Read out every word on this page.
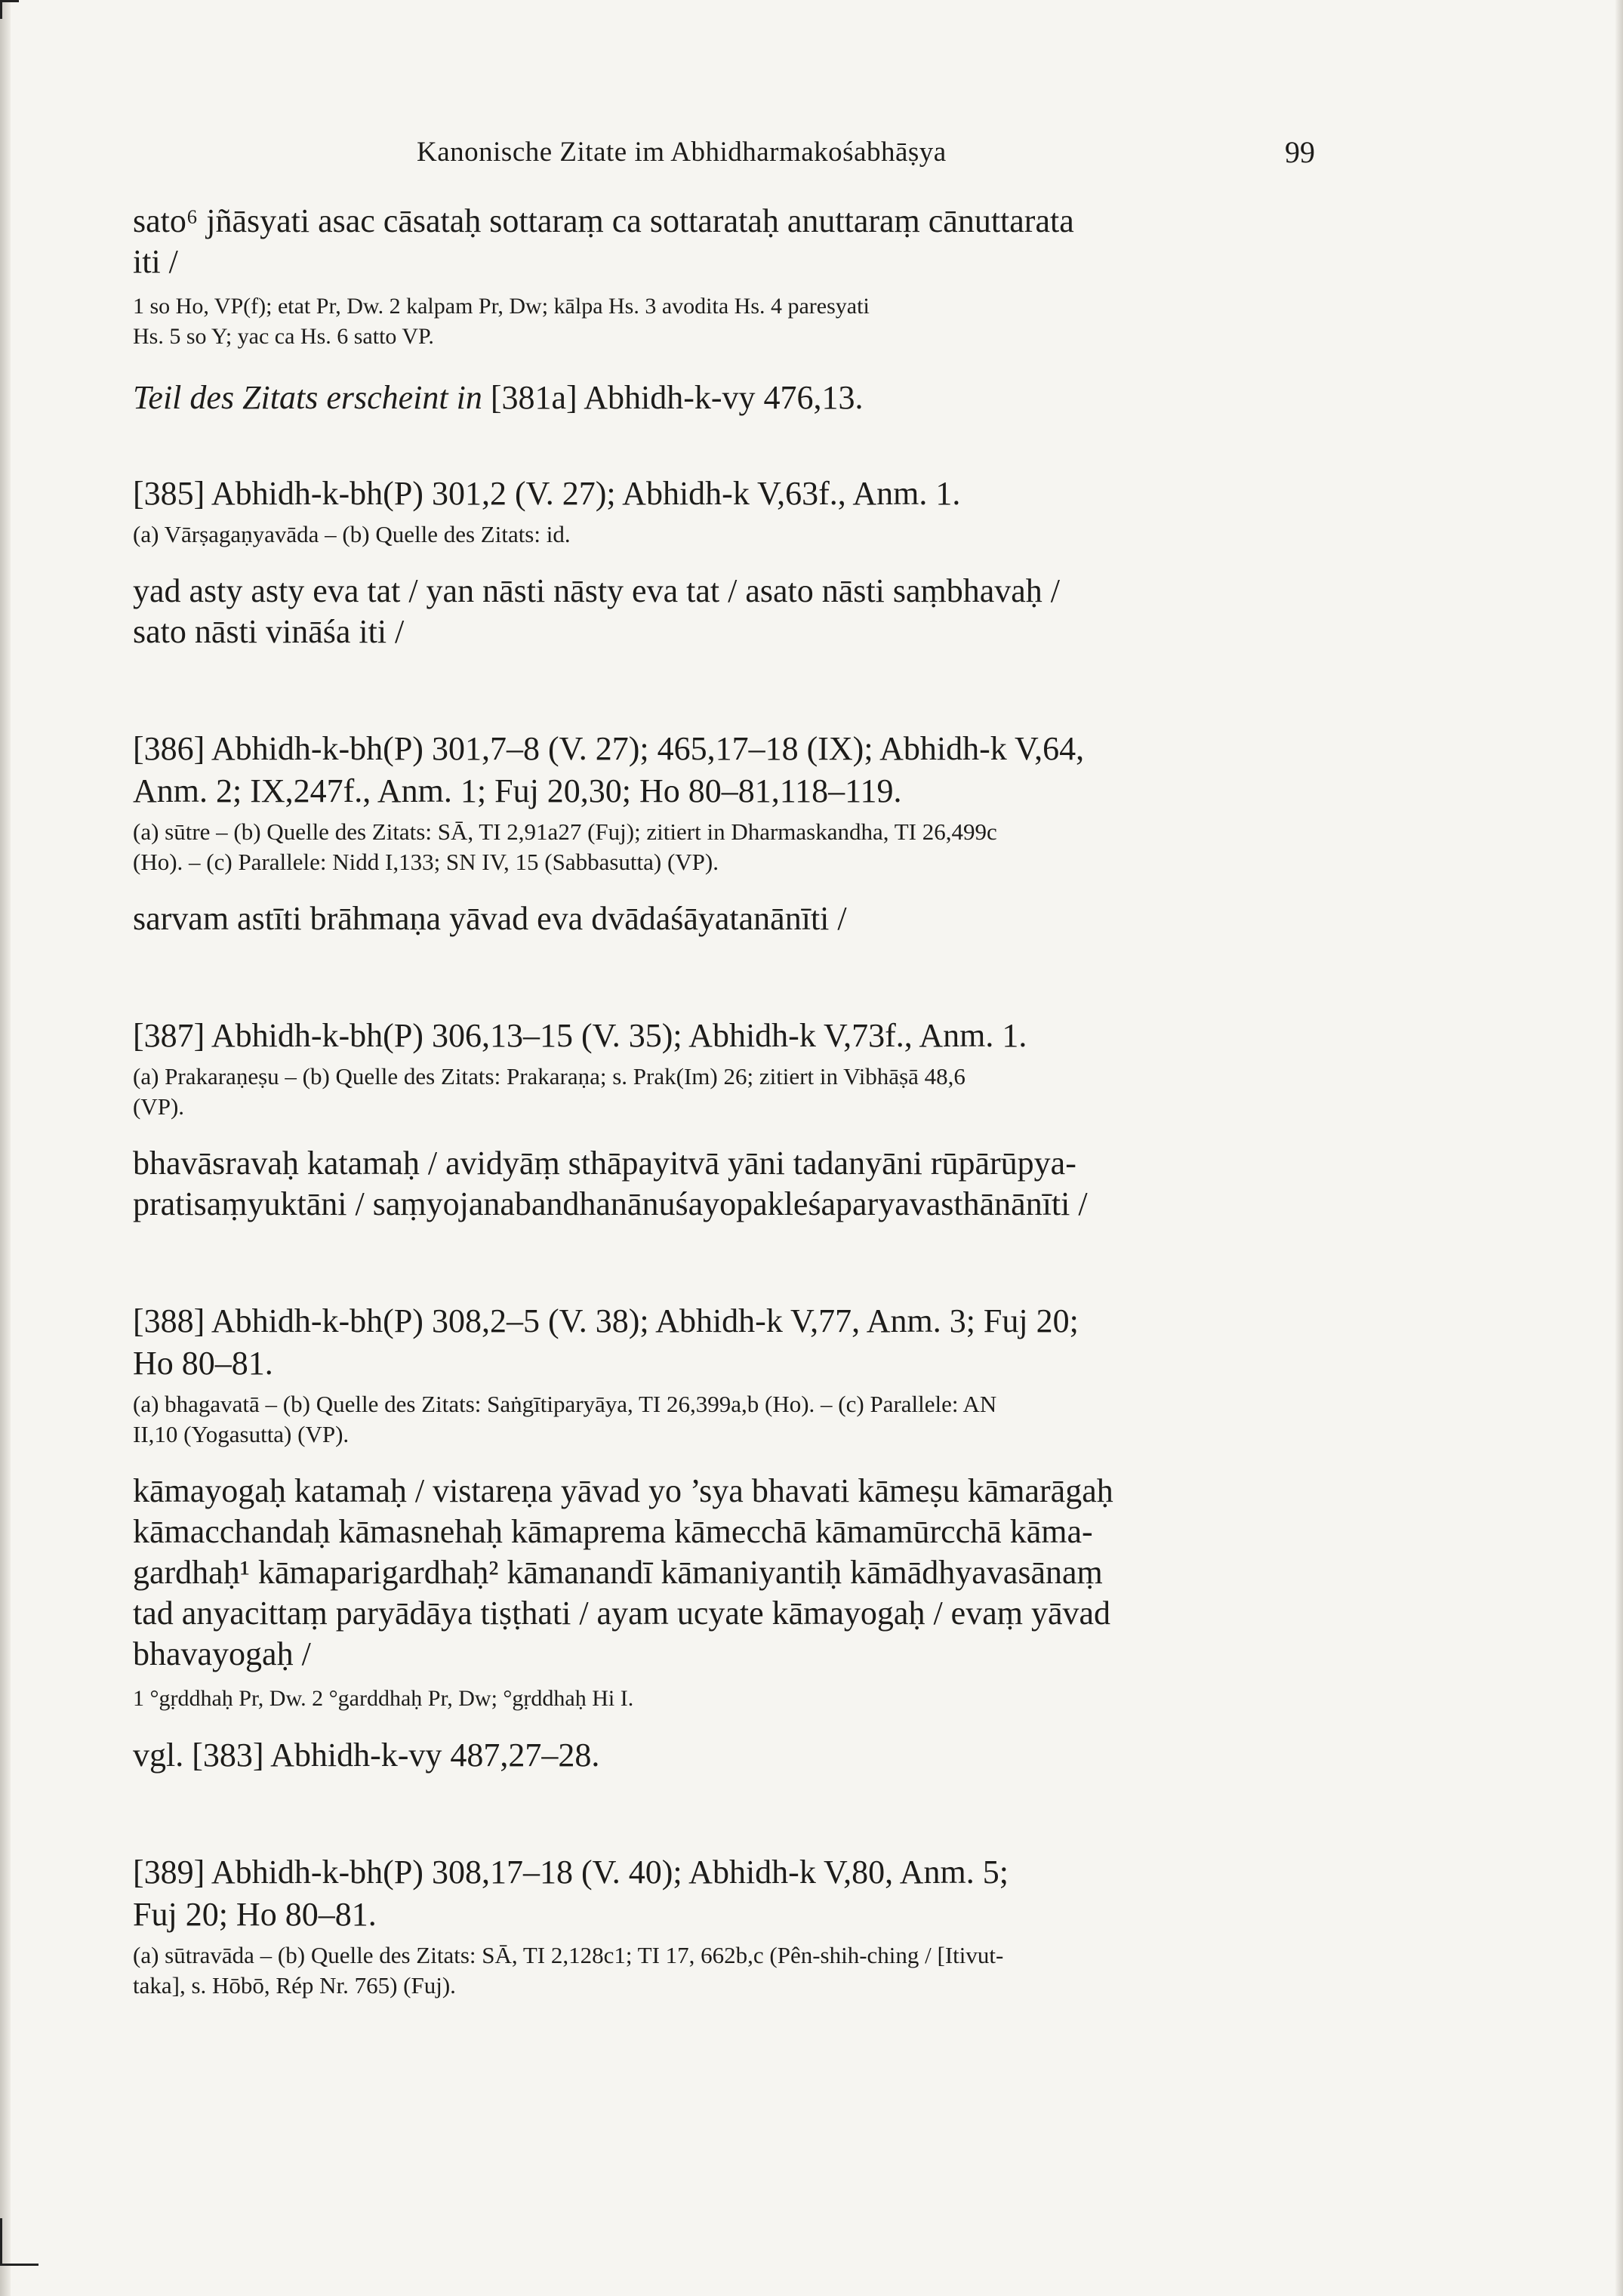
Kanonische Zitate im Abhidharmakośabhāṣya	99

sato⁶ jñāsyati asac cāsataḥ sottaraṃ ca sottarataḥ anuttaraṃ cānuttarata
iti /

1 so Ho, VP(f); etat Pr, Dw. 2 kalpam Pr, Dw; kālpa Hs. 3 avodita Hs. 4 paresyati
Hs. 5 so Y; yac ca Hs. 6 satto VP.

Teil des Zitats erscheint in [381a] Abhidh-k-vy 476,13.

[385] Abhidh-k-bh(P) 301,2 (V. 27); Abhidh-k V,63f., Anm. 1.

(a) Vārṣagaṇyavāda – (b) Quelle des Zitats: id.

yad asty asty eva tat / yan nāsti nāsty eva tat / asato nāsti saṃbhavaḥ /
sato nāsti vināśa iti /

[386] Abhidh-k-bh(P) 301,7–8 (V. 27); 465,17–18 (IX); Abhidh-k V,64,
Anm. 2; IX,247f., Anm. 1; Fuj 20,30; Ho 80–81,118–119.

(a) sūtre – (b) Quelle des Zitats: SĀ, TI 2,91a27 (Fuj); zitiert in Dharmaskandha, TI 26,499c
(Ho). – (c) Parallele: Nidd I,133; SN IV, 15 (Sabbasutta) (VP).

sarvam astīti brāhmaṇa yāvad eva dvādaśāyatanānīti /

[387] Abhidh-k-bh(P) 306,13–15 (V. 35); Abhidh-k V,73f., Anm. 1.

(a) Prakaraṇeṣu – (b) Quelle des Zitats: Prakaraṇa; s. Prak(Im) 26; zitiert in Vibhāṣā 48,6
(VP).

bhavāsravaḥ katamaḥ / avidyāṃ sthāpayitvā yāni tadanyāni rūpārūpya-
pratisaṃyuktāni / saṃyojanabandhanānuśayopakleśaparyavasthānānīti /

[388] Abhidh-k-bh(P) 308,2–5 (V. 38); Abhidh-k V,77, Anm. 3; Fuj 20;
Ho 80–81.

(a) bhagavatā – (b) Quelle des Zitats: Saṅgītiparyāya, TI 26,399a,b (Ho). – (c) Parallele: AN
II,10 (Yogasutta) (VP).

kāmayogaḥ katamaḥ / vistareṇa yāvad yo ’sya bhavati kāmeṣu kāmarāgaḥ
kāmacchandaḥ kāmasnehaḥ kāmaprema kāmecchā kāmamūrcchā kāma-
gardhaḥ¹ kāmaparigardhaḥ² kāmanandī kāmaniyantiḥ kāmādhyavasānaṃ
tad anyacittaṃ paryādāya tiṣṭhati / ayam ucyate kāmayogaḥ / evaṃ yāvad
bhavayogaḥ /

1 °gṛddhaḥ Pr, Dw. 2 °garddhaḥ Pr, Dw; °gṛddhaḥ Hi I.

vgl. [383] Abhidh-k-vy 487,27–28.

[389] Abhidh-k-bh(P) 308,17–18 (V. 40); Abhidh-k V,80, Anm. 5;
Fuj 20; Ho 80–81.

(a) sūtravāda – (b) Quelle des Zitats: SĀ, TI 2,128c1; TI 17, 662b,c (Pên-shih-ching / [Itivut-
taka], s. Hōbō, Rép Nr. 765) (Fuj).
